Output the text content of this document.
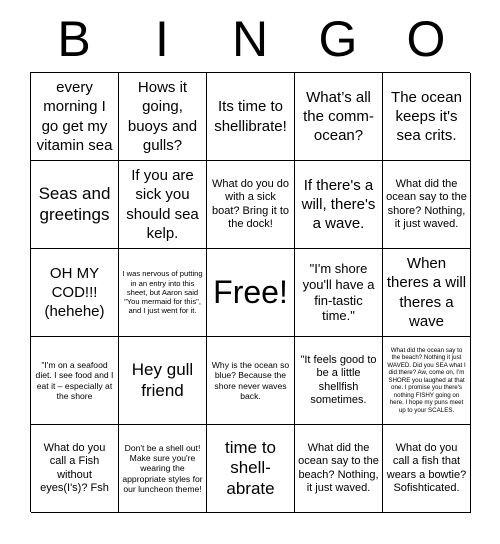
B	I	N	G O
every morning I go get my vitamin sea
Hows it going, buoys and gulls?
Its time to shellibrate!
What’s all the comm-ocean?
The ocean keeps it's sea crits.
Seas and greetings
If you are sick you should sea kelp.
What do you do with a sick boat? Bring it to the dock!
If there's a will, there's a wave.
What did the ocean say to the shore? Nothing, it just waved.
OH MY COD!!! (hehehe)
I was nervous of putting in an entry into this sheet, but Aaron said "You mermaid for this", and I just went for it.
Free!
"I'm shore you'll have a fin-tastic time."
When theres a will theres a wave
"I'm on a seafood diet. I see food and I eat it – especially at the shore
Hey gull friend
Why is the ocean so blue? Because the shore never waves back.
"It feels good to be a little shellfish sometimes.
What did the ocean say to the beach? Nothing it just WAVED. Did you SEA what I did there? Aw, come on, I'm SHORE you laughed at that one. I promise you there's nothing FISHY going on here. I hope my puns meet up to your SCALES.
What do you call a Fish without eyes(I's)? Fsh
Don't be a shell out! Make sure you're wearing the appropriate styles for our luncheon theme!
time to shell-abrate
What did the ocean say to the beach? Nothing, it just waved.
What do you call a fish that wears a bowtie? Sofishticated.
